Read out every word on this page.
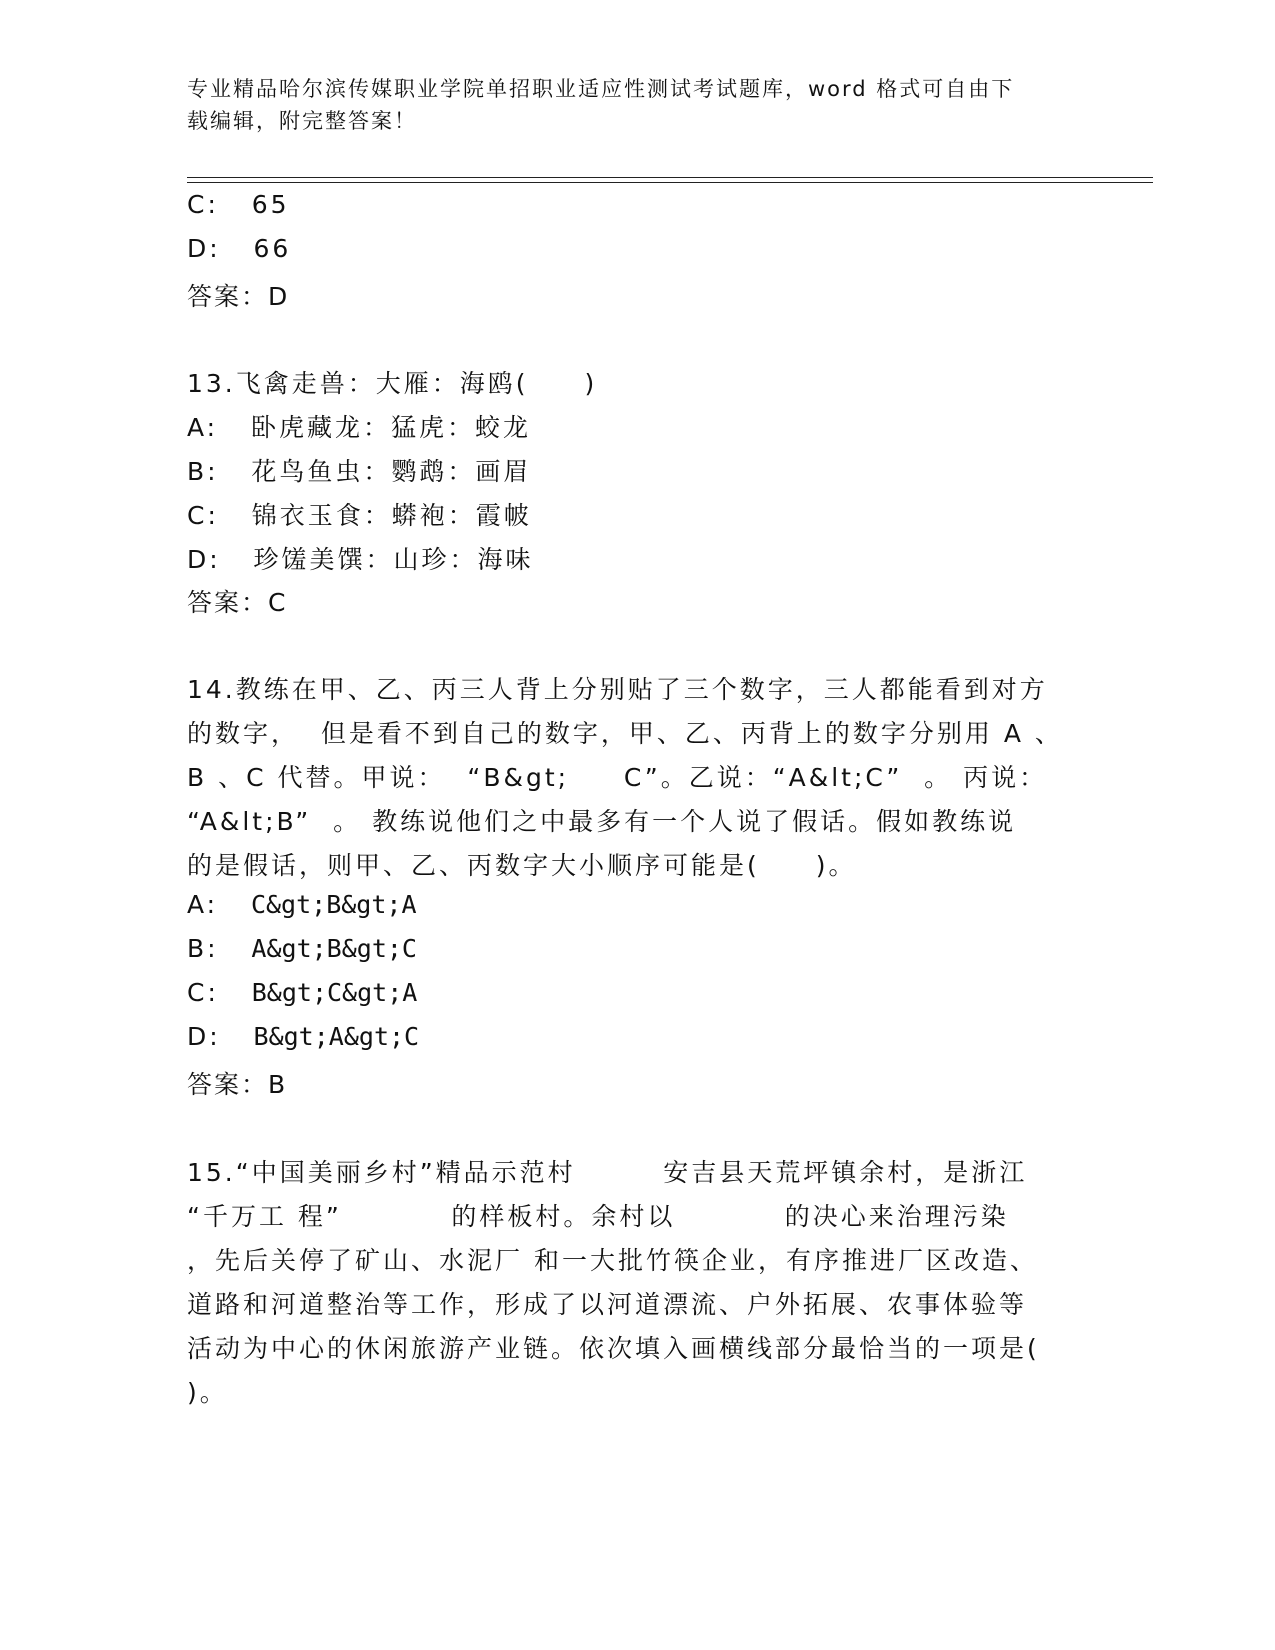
专业精品哈尔滨传媒职业学院单招职业适应性测试考试题库，word 格式可自由下
载编辑，附完整答案！
C: 65
D: 66
答案：D
13.飞禽走兽：大雁：海鸥(　　)
A: 卧虎藏龙：猛虎：蛟龙
B: 花鸟鱼虫：鹦鹉：画眉
C: 锦衣玉食：蟒袍：霞帔
D: 珍馐美馔：山珍：海味
答案：C
14.教练在甲、乙、丙三人背上分别贴了三个数字，三人都能看到对方
的数字，  但是看不到自己的数字，甲、乙、丙背上的数字分别用 A 、
B 、C 代替。甲说：  “B&gt;     C”。乙说：“A&lt;C”  。 丙说：
“A&lt;B”  。 教练说他们之中最多有一个人说了假话。假如教练说
的是假话，则甲、乙、丙数字大小顺序可能是(　　)。
A: C&gt;B&gt;A
B: A&gt;B&gt;C
C: B&gt;C&gt;A
D: B&gt;A&gt;C
答案：B
15.“中国美丽乡村”精品示范村        安吉县天荒坪镇余村，是浙江
“千万工 程”          的样板村。余村以          的决心来治理污染
，先后关停了矿山、水泥厂 和一大批竹筷企业，有序推进厂区改造、
道路和河道整治等工作，形成了以河道漂流、户外拓展、农事体验等
活动为中心的休闲旅游产业链。依次填入画横线部分最恰当的一项是(
)。
